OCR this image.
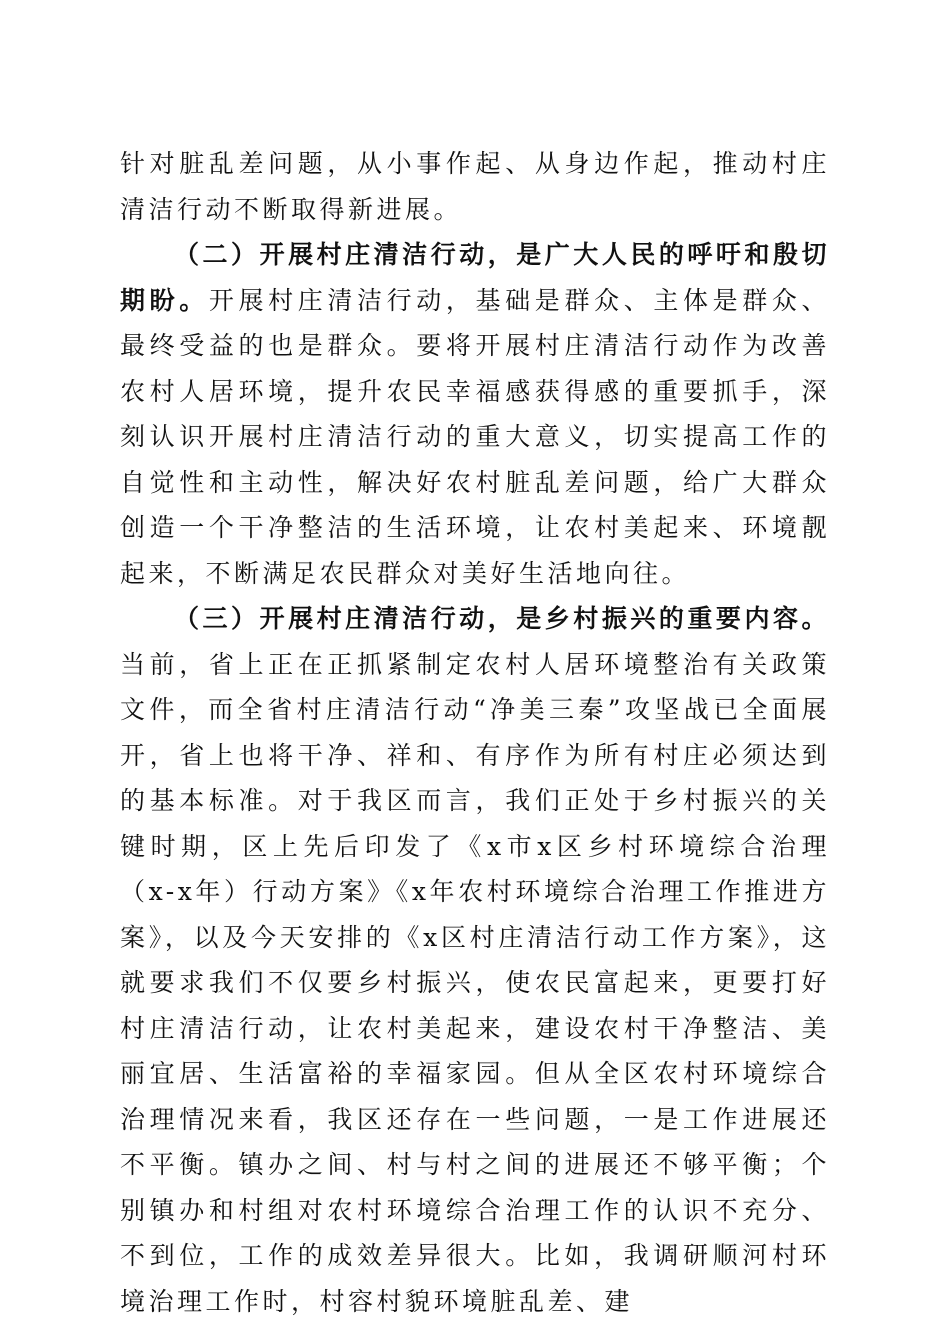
针对脏乱差问题，从小事作起、从身边作起，推动村庄清洁行动不断取得新进展。

（二）开展村庄清洁行动，是广大人民的呼吁和殷切期盼。开展村庄清洁行动，基础是群众、主体是群众、最终受益的也是群众。要将开展村庄清洁行动作为改善农村人居环境，提升农民幸福感获得感的重要抓手，深刻认识开展村庄清洁行动的重大意义，切实提高工作的自觉性和主动性，解决好农村脏乱差问题，给广大群众创造一个干净整洁的生活环境，让农村美起来、环境靓起来，不断满足农民群众对美好生活地向往。

（三）开展村庄清洁行动，是乡村振兴的重要内容。当前，省上正在正抓紧制定农村人居环境整治有关政策文件，而全省村庄清洁行动“净美三秦”攻坚战已全面展开，省上也将干净、祥和、有序作为所有村庄必须达到的基本标准。对于我区而言，我们正处于乡村振兴的关键时期，区上先后印发了《x市x区乡村环境综合治理（x-x年）行动方案》《x年农村环境综合治理工作推进方案》，以及今天安排的《x区村庄清洁行动工作方案》，这就要求我们不仅要乡村振兴，使农民富起来，更要打好村庄清洁行动，让农村美起来，建设农村干净整洁、美丽宜居、生活富裕的幸福家园。但从全区农村环境综合治理情况来看，我区还存在一些问题，一是工作进展还不平衡。镇办之间、村与村之间的进展还不够平衡；个别镇办和村组对农村环境综合治理工作的认识不充分、不到位，工作的成效差异很大。比如，我调研顺河村环境治理工作时，村容村貌环境脏乱差、建
